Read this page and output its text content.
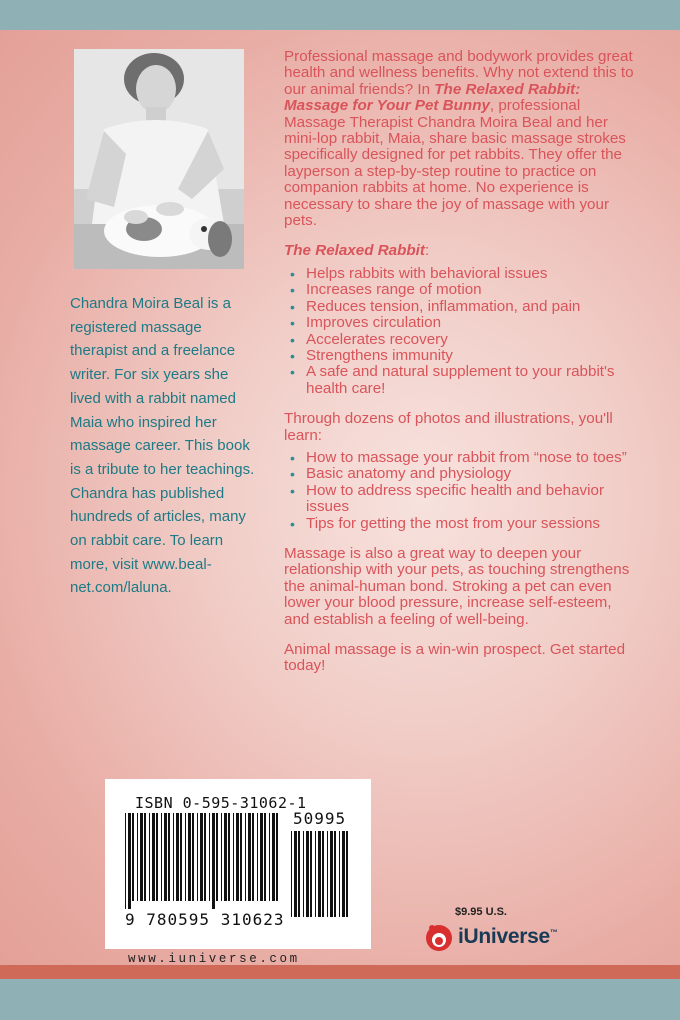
Chandra Moira Beal is a registered massage therapist and a freelance writer. For six years she lived with a rabbit named Maia who inspired her massage career. This book is a tribute to her teachings. Chandra has published hundreds of articles, many on rabbit care. To learn more, visit www.beal-net.com/laluna.

Professional massage and bodywork provides great health and wellness benefits. Why not extend this to our animal friends? In The Relaxed Rabbit: Massage for Your Pet Bunny, professional Massage Therapist Chandra Moira Beal and her mini-lop rabbit, Maia, share basic massage strokes specifically designed for pet rabbits. They offer the layperson a step-by-step routine to practice on companion rabbits at home. No experience is necessary to share the joy of massage with your pets.

The Relaxed Rabbit:

• Helps rabbits with behavioral issues
• Increases range of motion
• Reduces tension, inflammation, and pain
• Improves circulation
• Accelerates recovery
• Strengthens immunity
• A safe and natural supplement to your rabbit's health care!

Through dozens of photos and illustrations, you'll learn:

• How to massage your rabbit from “nose to toes”
• Basic anatomy and physiology
• How to address specific health and behavior issues
• Tips for getting the most from your sessions

Massage is also a great way to deepen your relationship with your pets, as touching strengthens the animal-human bond. Stroking a pet can even lower your blood pressure, increase self-esteem, and establish a feeling of well-being.

Animal massage is a win-win prospect. Get started today!

ISBN 0-595-31062-1
9 780595 310623
50995
www.iuniverse.com
$9.95 U.S.
iUniverse™
